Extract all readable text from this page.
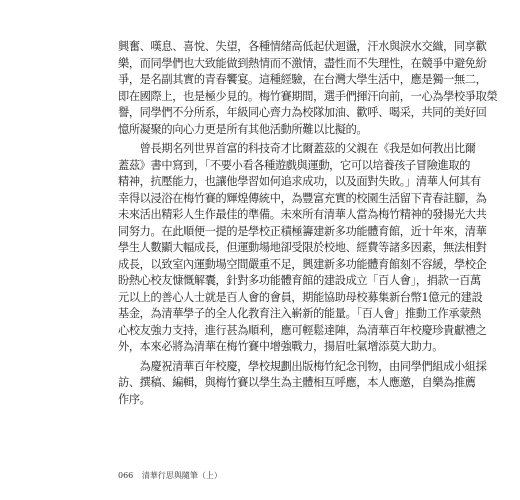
興奮、嘆息、喜悅、失望，各種情緒高低起伏迴盪，汗水與淚水交織，同享歡
樂，而同學們也大致能做到熱情而不激情，盡性而不失理性，在競爭中避免紛
爭，是名副其實的青春饗宴。這種經驗，在台灣大學生活中，應是獨一無二，
即在國際上，也是極少見的。梅竹賽期間，選手們揮汗向前，一心為學校爭取榮
譽，同學們不分所系，年級同心齊力為校隊加油、歡呼、喝采，共同的美好回
憶所凝聚的向心力更是所有其他活動所難以比擬的。
　　曾長期名列世界首富的科技奇才比爾蓋茲的父親在《我是如何教出比爾
蓋茲》書中寫到，「不要小看各種遊戲與運動，它可以培養孩子冒險進取的
精神，抗壓能力，也讓他學習如何追求成功，以及面對失敗。」清華人何其有
幸得以浸浴在梅竹賽的輝煌傳統中，為豐富充實的校園生活留下青春註腳，為
未來活出精彩人生作最佳的準備。未來所有清華人當為梅竹精神的發揚光大共
同努力。在此順便一提的是學校正積極籌建新多功能體育館，近十年來，清華
學生人數顯大幅成長，但運動場地卻受限於校地、經費等諸多因素，無法相對
成長，以致室內運動場空間嚴重不足，興建新多功能體育館刻不容緩，學校企
盼熱心校友慷慨解囊，針對多功能體育館的建設成立「百人會」，捐款一百萬
元以上的善心人士就是百人會的會員，期能協助母校募集新台幣1億元的建設
基金，為清華學子的全人化教育注入嶄新的能量。「百人會」推動工作承蒙熱
心校友強力支持，進行甚為順利，應可輕鬆達陣，為清華百年校慶珍貴獻禮之
外，本來必將為清華在梅竹賽中增強戰力，揚眉吐氣增添莫大助力。
　　為慶祝清華百年校慶，學校規劃出版梅竹紀念刊物，由同學們組成小組採
訪、撰稿、編輯，與梅竹賽以學生為主體相互呼應，本人應邀，自樂為推薦
作序。
066 清華行思與隨筆（上）
